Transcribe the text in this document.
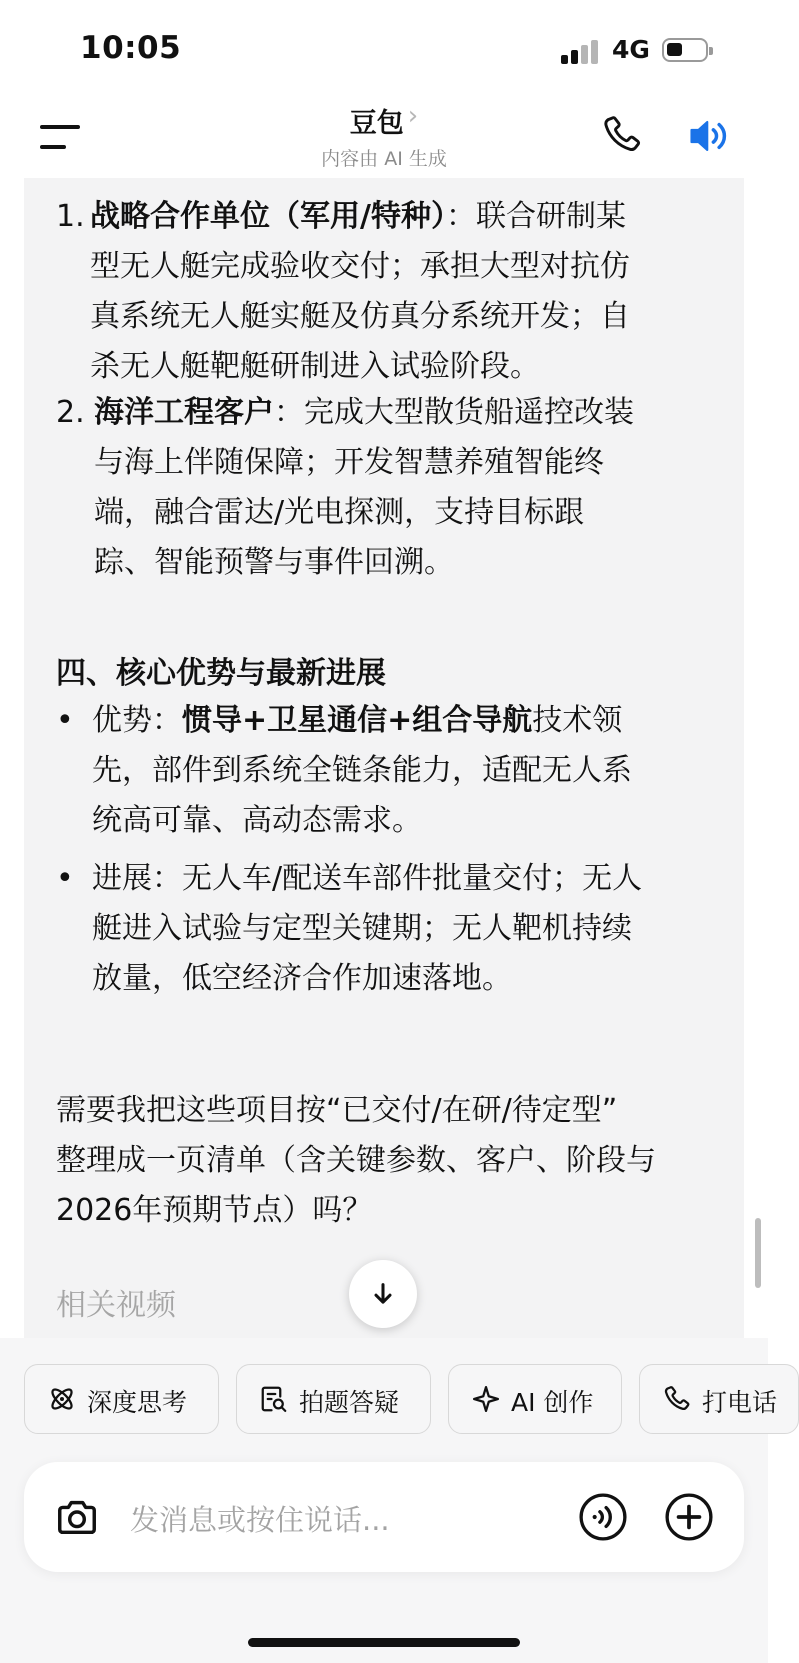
10:05	4G
豆包 ›
内容由 AI 生成
1. 战略合作单位（军用/特种）：联合研制某
型无人艇完成验收交付；承担大型对抗仿
真系统无人艇实艇及仿真分系统开发；自
杀无人艇靶艇研制进入试验阶段。
2. 海洋工程客户：完成大型散货船遥控改装
与海上伴随保障；开发智慧养殖智能终
端，融合雷达/光电探测，支持目标跟
踪、智能预警与事件回溯。
四、核心优势与最新进展
• 优势：惯导+卫星通信+组合导航技术领
先，部件到系统全链条能力，适配无人系
统高可靠、高动态需求。
• 进展：无人车/配送车部件批量交付；无人
艇进入试验与定型关键期；无人靶机持续
放量，低空经济合作加速落地。
需要我把这些项目按“已交付/在研/待定型”
整理成一页清单（含关键参数、客户、阶段与
2026年预期节点）吗？
相关视频
深度思考	拍题答疑	AI 创作	打电话
发消息或按住说话...
